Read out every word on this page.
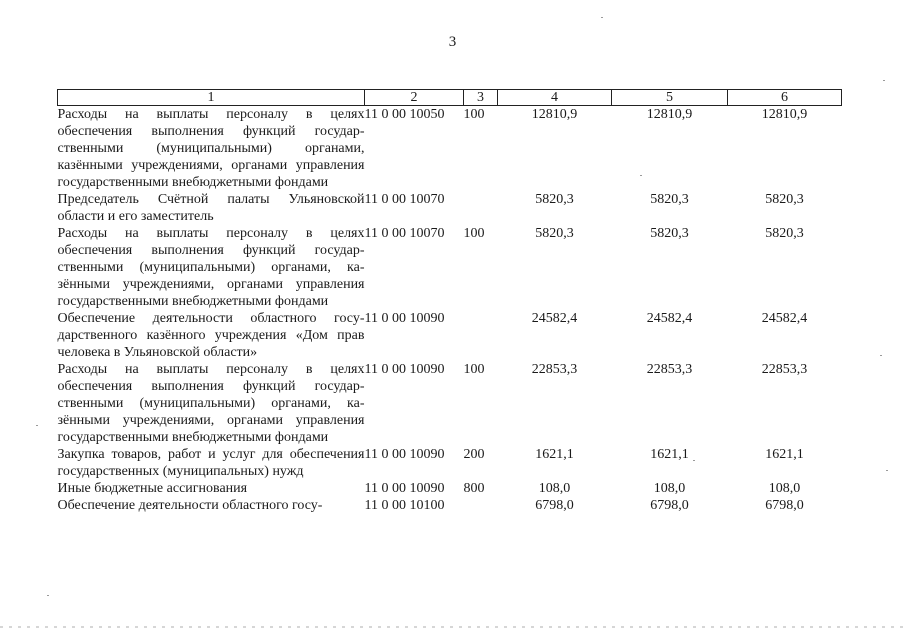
3
1	2	3	4	5	6
Расходы на выплаты персоналу в целях обеспечения выполнения функций государственными (муниципальными) органами, казёнными учреждениями, органами управления государственными внебюджетными фондами	11 0 00 10050	100	12810,9	12810,9	12810,9
Председатель Счётной палаты Ульяновской области и его заместитель	11 0 00 10070		5820,3	5820,3	5820,3
Расходы на выплаты персоналу в целях обеспечения выполнения функций государственными (муниципальными) органами, казёнными учреждениями, органами управления государственными внебюджетными фондами	11 0 00 10070	100	5820,3	5820,3	5820,3
Обеспечение деятельности областного государственного казённого учреждения «Дом прав человека в Ульяновской области»	11 0 00 10090		24582,4	24582,4	24582,4
Расходы на выплаты персоналу в целях обеспечения выполнения функций государственными (муниципальными) органами, казёнными учреждениями, органами управления государственными внебюджетными фондами	11 0 00 10090	100	22853,3	22853,3	22853,3
Закупка товаров, работ и услуг для обеспечения государственных (муниципальных) нужд	11 0 00 10090	200	1621,1	1621,1	1621,1
Иные бюджетные ассигнования	11 0 00 10090	800	108,0	108,0	108,0
Обеспечение деятельности областного госу-	11 0 00 10100		6798,0	6798,0	6798,0
